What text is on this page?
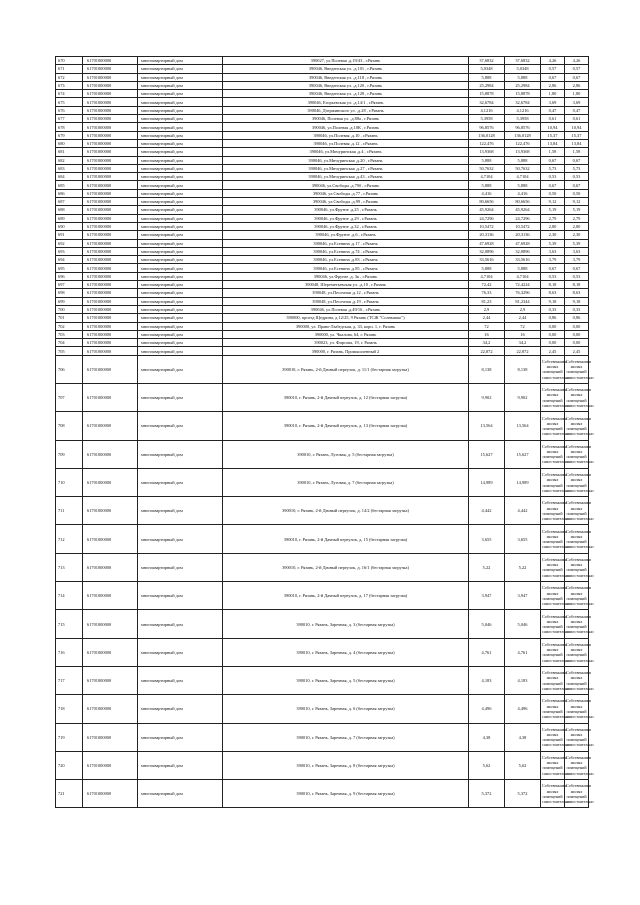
670	61701000000	многоквартирный дом	390027, ул.Полевая ,д.19/43 , г.Рязань	37,6832	37,6832	4,26	4,26
671	61701000000	многоквартирный дом	390046, Введенская ул. ,д.101 , г.Рязань	5,0348	5,0348	0,57	0,57
672	61701000000	многоквартирный дом	390046, Введенская ул. ,д.118 , г.Рязань	5,888	5,888	0,67	0,67
673	61701000000	многоквартирный дом	390046, Введенская ул. ,д.120 , г.Рязань	25,2984	25,2984	2,86	2,86
674	61701000000	многоквартирный дом	390046, Введенская ул. ,д.128 , г.Рязань	15,8878	15,8878	1,80	1,80
675	61701000000	многоквартирный дом	390046, Егорьевская ул. ,д.14/1 , г.Рязань	32,6784	32,6784	3,69	3,69
676	61701000000	многоквартирный дом	390046, Дзержинского ул. ,д.28 , г.Рязань	4,1216	4,1216	0,47	0,47
677	61701000000	многоквартирный дом	390046, Полевая ул. ,д.88а , г.Рязань	5,3958	5,3958	0,61	0,61
678	61701000000	многоквартирный дом	390046, ул.Полевая ,д.10К , г.Рязань	96,8576	96,8576	10,94	10,94
679	61701000000	многоквартирный дом	390046, ул.Полевая ,д.10 , г.Рязань	136,0128	136,0128	15,37	15,37
680	61701000000	многоквартирный дом	390046, ул.Полевая ,д.12 , г.Рязань	122,476	122,476	13,84	13,84
681	61701000000	многоквартирный дом	390046, ул.Мичуринская ,д.4 , г.Рязань	13,9368	13,9368	1,58	1,58
682	61701000000	многоквартирный дом	390046, ул.Мичуринская ,д.20 , г.Рязань	5,888	5,888	0,67	0,67
683	61701000000	многоквартирный дом	390046, ул.Мичуринская ,д.27 , г.Рязань	50,7632	50,7632	5,73	5,73
684	61701000000	многоквартирный дом	390046, ул.Мичуринская ,д.43 , г.Рязань	4,7104	4,7104	0,53	0,53
685	61701000000	многоквартирный дом	390046, ул.Свободы ,д.79б , г.Рязань	5,888	5,888	0,67	0,67
686	61701000000	многоквартирный дом	390046, ул.Свободы ,д.77 , г.Рязань	4,416	4,416	0,50	0,50
687	61701000000	многоквартирный дом	390046, ул.Свободы ,д.99 , г.Рязань	80,6656	80,6656	9,12	9,12
688	61701000000	многоквартирный дом	390046, ул.Фрунзе ,д.25 , г.Рязань	45,9264	45,9264	5,19	5,19
689	61701000000	многоквартирный дом	390046, ул.Фрунзе ,д.29 , г.Рязань	24,7296	24,7296	2,79	2,79
690	61701000000	многоквартирный дом	390046, ул.Фрунзе ,д.32 , г.Рязань	10,5472	10,5472	2,80	2,80
691	61701000000	многоквартирный дом	390046, ул.Фрунзе ,д.6 , г.Рязань	20,3136	20,3136	2,30	2,30
692	61701000000	многоквартирный дом	390046, ул.Есенина ,д.17 , г.Рязань	47,6928	47,6928	5,39	5,39
693	61701000000	многоквартирный дом	390046, ул.Есенина ,д.74 , г.Рязань	32,0896	32,0896	3,63	3,63
694	61701000000	многоквартирный дом	390046, ул.Есенина ,д.83 , г.Рязань	33,5616	33,5616	3,79	3,79
695	61701000000	многоквартирный дом	390046, ул.Есенина ,д.85 , г.Рязань	5,888	5,888	0,67	0,67
696	61701000000	многоквартирный дом	390046, ул.Фрунзе ,д. 3к , г.Рязань	4,7104	4,7104	0,53	0,53
697	61701000000	многоквартирный дом	390048, Шереметьевская ул. ,д.10 , г.Рязань	72,42	72,4224	8,18	8,18
698	61701000000	многоквартирный дом	390048, ул.Песочная ,д.12 , г.Рязань	76,33	76,3296	8,63	8,63
699	61701000000	многоквартирный дом	390048, ул.Песочная ,д.19 , г.Рязань	81,23	81,2344	9,18	9,18
700	61701000000	многоквартирный дом	390046, ул.Полевая ,д.49/16 , г.Рязань	2,9	2,9	0,33	0,33
701	61701000000	многоквартирный дом	390000, проезд Щедрина, д.12/25, 9 Рязань (ТСЖ "Солнышко")	2,44	2,44	0,86	0,86
702	61701000000	многоквартирный дом	390000, ул. Право-Лыбедская, д. 33, корп. 1, г. Рязань	72	72	0,00	0,00
703	61701000000	многоквартирный дом	390000, ул. Чкалова, 64, г. Рязань	16	16	0,00	0,00
704	61701000000	многоквартирный дом	390023, ул. Фирсова, 19, г. Рязань	34,2	34,2	0,00	0,00
705	61701000000	многоквартирный дом	390000, г. Рязань, Промышленный 2	22,872	22,872	2,45	2,45
706	61701000000	многоквартирный дом	390010, г. Рязань, 2-й Дачный переулок, д. 11/1 (бестарная загрузка)	8,138	8,138	Собственники жилых помещений самостоятельно	Собственники жилых помещений самостоятельно
707	61701000000	многоквартирный дом	390010, г. Рязань, 2-й Дачный переулок, д. 12 (бестарная загрузка)	9,902	9,902	Собственники жилых помещений самостоятельно	Собственники жилых помещений самостоятельно
708	61701000000	многоквартирный дом	390010, г. Рязань, 2-й Дачный переулок, д. 13 (бестарная загрузка)	13,564	13,564	Собственники жилых помещений самостоятельно	Собственники жилых помещений самостоятельно
709	61701000000	многоквартирный дом	390010, г. Рязань, Луговая, д. 5 (бестарная загрузка)	15,627	15,627	Собственники жилых помещений самостоятельно	Собственники жилых помещений самостоятельно
710	61701000000	многоквартирный дом	390010, г. Рязань, Луговая, д. 7 (бестарная загрузка)	14,989	14,989	Собственники жилых помещений самостоятельно	Собственники жилых помещений самостоятельно
711	61701000000	многоквартирный дом	390010, г. Рязань, 2-й Дачный переулок, д. 14/2 (бестарная загрузка)	4,442	4,442	Собственники жилых помещений самостоятельно	Собственники жилых помещений самостоятельно
712	61701000000	многоквартирный дом	390010, г. Рязань, 2-й Дачный переулок, д. 15 (бестарная загрузка)	3,655	3,655	Собственники жилых помещений самостоятельно	Собственники жилых помещений самостоятельно
713	61701000000	многоквартирный дом	390010, г. Рязань, 2-й Дачный переулок, д. 16/1 (бестарная загрузка)	5,22	5,22	Собственники жилых помещений самостоятельно	Собственники жилых помещений самостоятельно
714	61701000000	многоквартирный дом	390010, г. Рязань, 2-й Дачный переулок, д. 17 (бестарная загрузка)	3,947	3,947	Собственники жилых помещений самостоятельно	Собственники жилых помещений самостоятельно
715	61701000000	многоквартирный дом	390010, г. Рязань, Заречная, д. 3 (бестарная загрузка)	5,046	5,046	Собственники жилых помещений самостоятельно	Собственники жилых помещений самостоятельно
716	61701000000	многоквартирный дом	390010, г. Рязань, Заречная, д. 4 (бестарная загрузка)	4,761	4,761	Собственники жилых помещений самостоятельно	Собственники жилых помещений самостоятельно
717	61701000000	многоквартирный дом	390010, г. Рязань, Заречная, д. 5 (бестарная загрузка)	4,183	4,183	Собственники жилых помещений самостоятельно	Собственники жилых помещений самостоятельно
718	61701000000	многоквартирный дом	390010, г. Рязань, Заречная, д. 6 (бестарная загрузка)	4,496	4,496	Собственники жилых помещений самостоятельно	Собственники жилых помещений самостоятельно
719	61701000000	многоквартирный дом	390010, г. Рязань, Заречная, д. 7 (бестарная загрузка)	4,38	4,38	Собственники жилых помещений самостоятельно	Собственники жилых помещений самостоятельно
720	61701000000	многоквартирный дом	390010, г. Рязань, Заречная, д. 8 (бестарная загрузка)	5,62	5,62	Собственники жилых помещений самостоятельно	Собственники жилых помещений самостоятельно
721	61701000000	многоквартирный дом	390010, г. Рязань, Заречная, д. 9 (бестарная загрузка)	5,372	5,372	Собственники жилых помещений самостоятельно	Собственники жилых помещений самостоятельно
